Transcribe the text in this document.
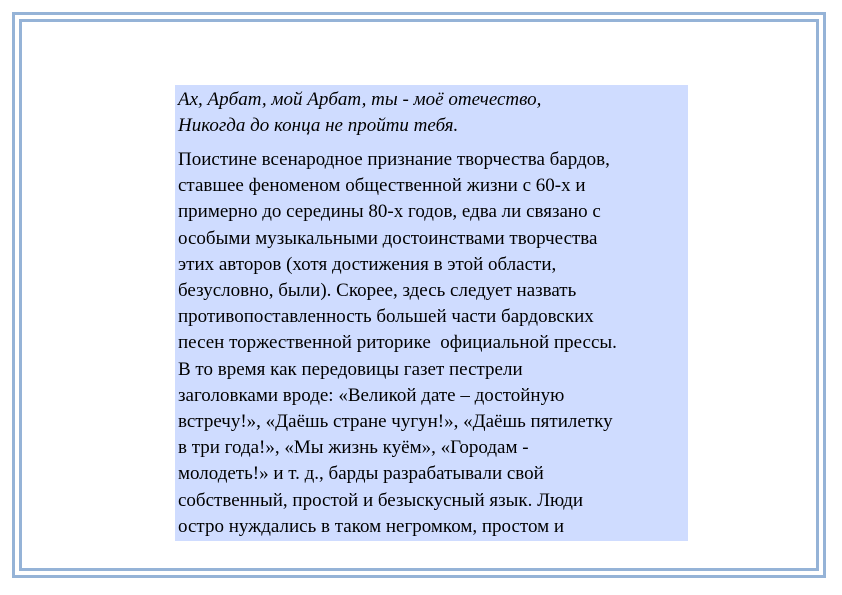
Ах, Арбат, мой Арбат, ты - моё отечество,
Никогда до конца не пройти тебя.
Поистине всенародное признание творчества бардов,
ставшее феноменом общественной жизни с 60-х и
примерно до середины 80-х годов, едва ли связано с
особыми музыкальными достоинствами творчества
этих авторов (хотя достижения в этой области,
безусловно, были). Скорее, здесь следует назвать
противопоставленность большей части бардовских
песен торжественной риторике  официальной прессы.
В то время как передовицы газет пестрели
заголовками вроде: «Великой дате – достойную
встречу!», «Даёшь стране чугун!», «Даёшь пятилетку
в три года!», «Мы жизнь куём», «Городам -
молодеть!» и т. д., барды разрабатывали свой
собственный, простой и безыскусный язык. Люди
остро нуждались в таком негромком, простом и
